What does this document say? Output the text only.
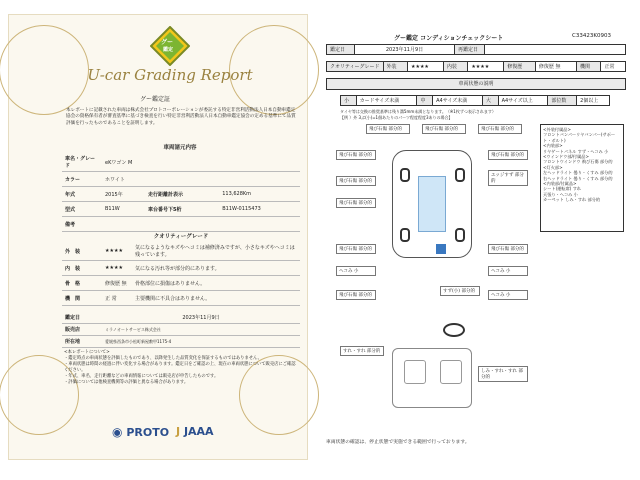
グー
鑑定
U-car Grading Report
グー鑑定証
本レポートに記載された車両は株式会社プロトコーポレーションが委託する特定非営利活動法人日本自動車鑑定協会の資格保有者が審査基準に基づき検査を行い特定非営利活動法人日本自動車鑑定協会の定める基準にて品質評価を行ったものであることを証明します。
車両諸元内容
車名・グレード	eKワゴン M		
カラー	ホワイト		
年式	2015年	走行距離計表示	113,628Km
型式	B11W	車台番号下5桁	B11W-0115473
備考			
クオリティーグレード
外　装	★★★★	気になるようなキズやヘコミは補修済みですが、小さなキズやヘコミは残っています。
内　装	★★★★	気になる汚れ等が部分的にあります。
骨　格	修復歴 無	骨格部位に損傷はありません。
機　関	正 常	主要機関に不具合はありません。
鑑定日	2023年11月9日
販売店	ミラノオートサービス株式会社
所在地	愛媛県西条市小松町新屋敷甲1175-4
<本レポートについて>
・鑑定時点の車両状態を評価したものであり、以降発生した品質変化を保証するものではありません。
・車両状態は時間の経過に伴い変化する場合があります。鑑定日をご確認の上、現在の車両状態について販売店にご確認ください。
・年式、車名、走行距離などの車両情報については販売店が申告したものです。
・評価については他検査機関等の評価と異なる場合があります。
◉ PROTO J JAAA
グー鑑定 コンディションチェックシート	C33423K0903
鑑定日	2023年11月9日	再鑑定日	
クオリティーグレード	外装	★★★★	内装	★★★★	修復歴	修復歴 無	機関	正常
車両状態の説明
小	カードサイズ未満	中	A4サイズ未満	大	A4サイズ以上	部位数	2個以上
タイヤ等は交換の推奨基準は残り溝5mm未満となります。（※1枚ずつ表示されます）
【例 ）外 3ぶ(小)=1個あたりのパーツ程度程度3ありの場合】
飛び石傷 部分的	飛び石傷 部分的	飛び石傷 部分的
飛び石傷 部分的	飛び石傷 部分的
飛び石傷 部分的
飛び石傷 部分的
飛び石傷 部分的	飛び石傷 部分的
ヘコみ 小	ヘコみ 小
エッジすず 部分的
すず(小) 部分的
飛び石傷 部分的	ヘコみ 小
<外装付属品>
フロントバンパーリヤバンパー(サポート・ボルト)
<内装部>
リヤゲートパネル すず・ヘコみ 小
<ウインドウ部/付属品>
フロントウインドウ 飛び石傷 部分的
<灯火部>
左ヘッドライト 曇り・くすみ 部分的
右ヘッドライト 曇り・くすみ 部分的
<内装部/付属品>
シート(運転席) すれ
天張り・ヘコみ 小
カーペット しみ・すれ 部分的
すれ・すれ 部分的
しみ・すれ・すれ 部分的
車両状態の確認は、停止状態で実施できる範囲で行っております。
